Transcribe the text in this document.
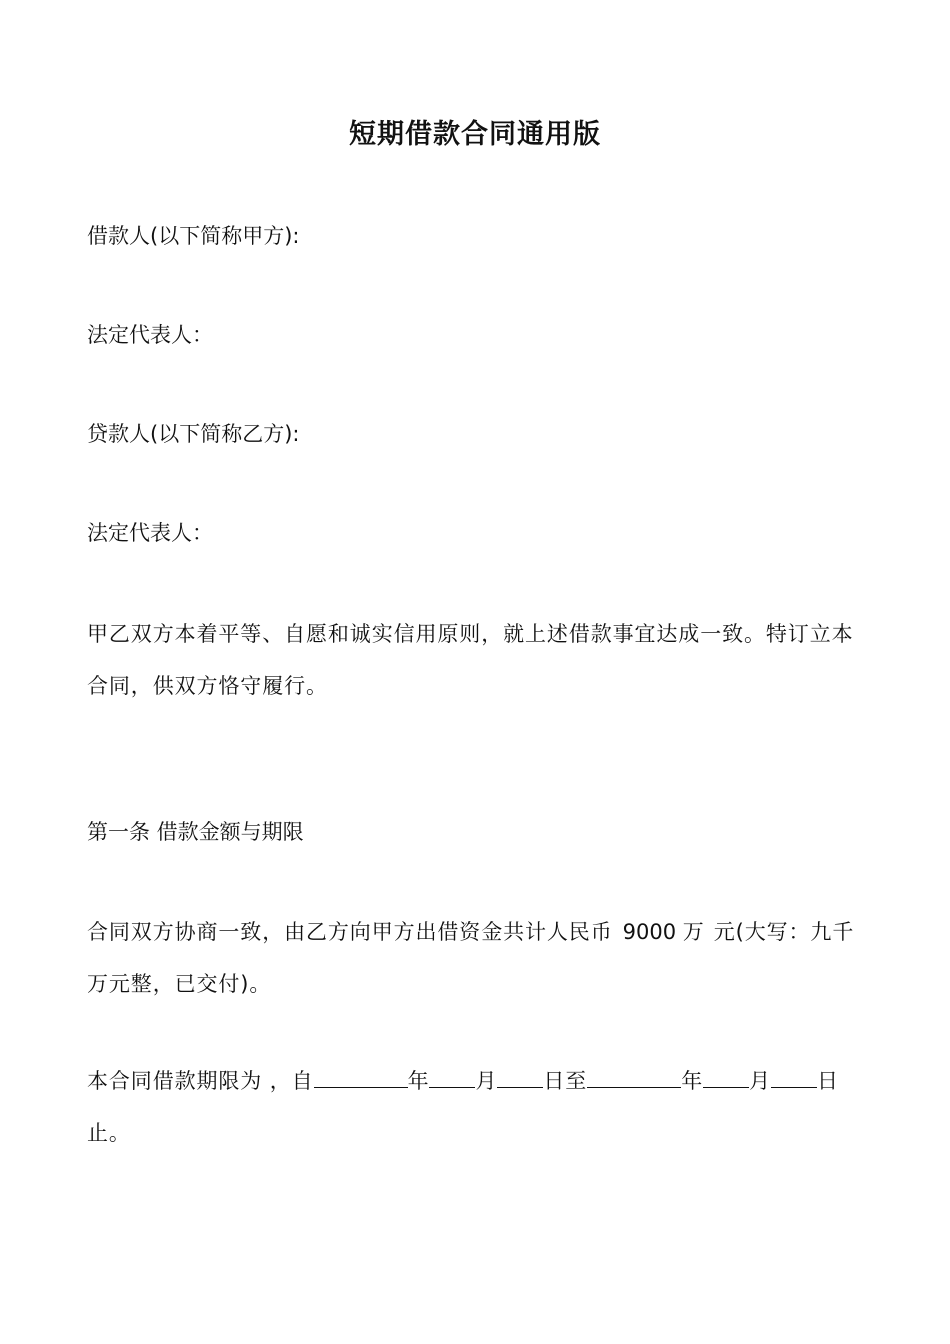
短期借款合同通用版
借款人(以下简称甲方):
法定代表人：
贷款人(以下简称乙方):
法定代表人：
甲乙双方本着平等、自愿和诚实信用原则，就上述借款事宜达成一致。特订立本合同，供双方恪守履行。
第一条 借款金额与期限
合同双方协商一致，由乙方向甲方出借资金共计人民币 9000 万 元(大写：九千万元整，已交付)。
本合同借款期限为 ，自	年 月 日至	年 月 日止。
